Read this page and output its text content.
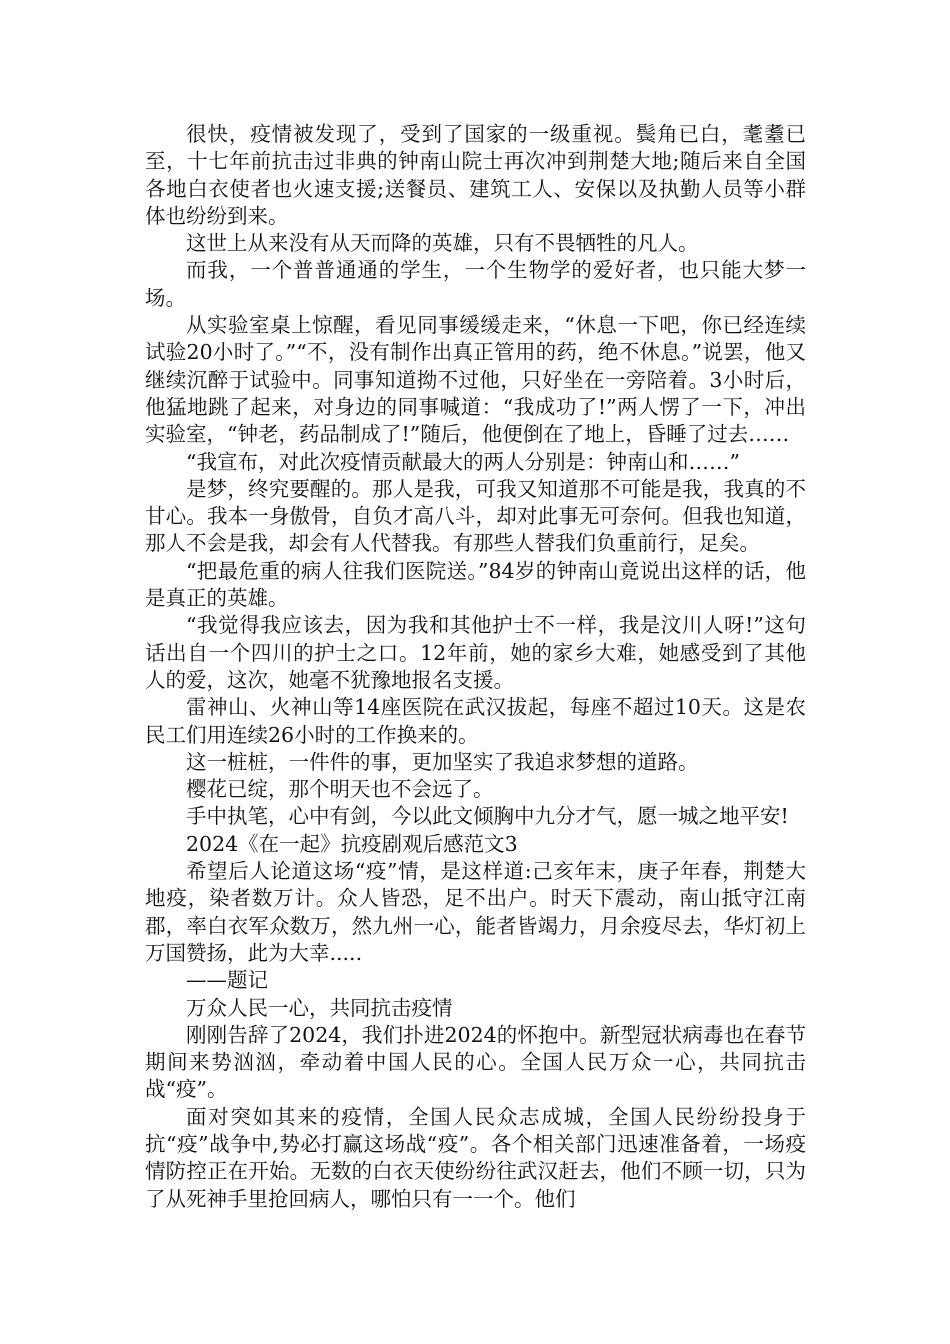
很快，疫情被发现了，受到了国家的一级重视。鬓角已白，耄耋已至，十七年前抗击过非典的钟南山院士再次冲到荆楚大地;随后来自全国各地白衣使者也火速支援;送餐员、建筑工人、安保以及执勤人员等小群体也纷纷到来。

这世上从来没有从天而降的英雄，只有不畏牺牲的凡人。

而我，一个普普通通的学生，一个生物学的爱好者，也只能大梦一场。

从实验室桌上惊醒，看见同事缓缓走来，“休息一下吧，你已经连续试验20小时了。”“不，没有制作出真正管用的药，绝不休息。”说罢，他又继续沉醉于试验中。同事知道拗不过他，只好坐在一旁陪着。3小时后，他猛地跳了起来，对身边的同事喊道：“我成功了!”两人愣了一下，冲出实验室，“钟老，药品制成了!”随后，他便倒在了地上，昏睡了过去……

“我宣布，对此次疫情贡献最大的两人分别是：钟南山和……”

是梦，终究要醒的。那人是我，可我又知道那不可能是我，我真的不甘心。我本一身傲骨，自负才高八斗，却对此事无可奈何。但我也知道，那人不会是我，却会有人代替我。有那些人替我们负重前行，足矣。

“把最危重的病人往我们医院送。”84岁的钟南山竟说出这样的话，他是真正的英雄。

“我觉得我应该去，因为我和其他护士不一样，我是汶川人呀!”这句话出自一个四川的护士之口。12年前，她的家乡大难，她感受到了其他人的爱，这次，她毫不犹豫地报名支援。

雷神山、火神山等14座医院在武汉拔起，每座不超过10天。这是农民工们用连续26小时的工作换来的。

这一桩桩，一件件的事，更加坚实了我追求梦想的道路。

樱花已绽，那个明天也不会远了。

手中执笔，心中有剑，今以此文倾胸中九分才气，愿一城之地平安!

2024《在一起》抗疫剧观后感范文3

希望后人论道这场“疫”情，是这样道:己亥年末，庚子年春，荆楚大地疫，染者数万计。众人皆恐，足不出户。时天下震动，南山抵守江南郡，率白衣军众数万，然九州一心，能者皆竭力，月余疫尽去，华灯初上万国赞扬，此为大幸.....

——题记

万众人民一心，共同抗击疫情

刚刚告辞了2024，我们扑进2024的怀抱中。新型冠状病毒也在春节期间来势汹汹，牵动着中国人民的心。全国人民万众一心，共同抗击战“疫”。

面对突如其来的疫情，全国人民众志成城，全国人民纷纷投身于抗“疫”战争中,势必打赢这场战“疫”。各个相关部门迅速准备着，一场疫情防控正在开始。无数的白衣天使纷纷往武汉赶去，他们不顾一切，只为了从死神手里抢回病人，哪怕只有一一个。他们
